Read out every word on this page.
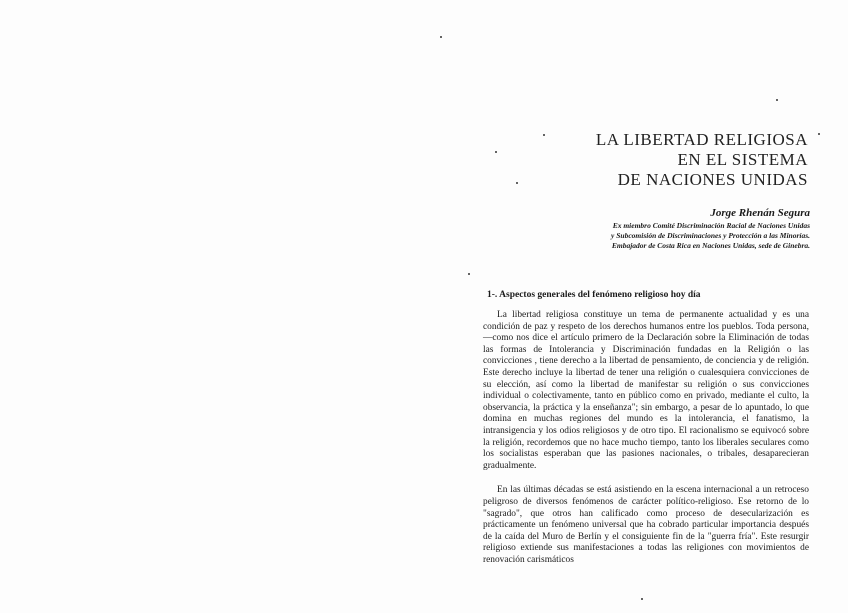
LA LIBERTAD RELIGIOSA
EN EL SISTEMA
DE NACIONES UNIDAS
Jorge Rhenán Segura
Ex miembro Comité Discriminación Racial de Naciones Unidas
y Subcomisión de Discriminaciones y Protección a las Minorías.
Embajador de Costa Rica en Naciones Unidas, sede de Ginebra.
1-. Aspectos generales del fenómeno religioso hoy día

La libertad religiosa constituye un tema de permanente actualidad y es una condición de paz y respeto de los derechos humanos entre los pueblos. Toda persona, —como nos dice el artículo primero de la Declaración sobre la Eliminación de todas las formas de Intolerancia y Discriminación fundadas en la Religión o las convicciones , tiene derecho a la libertad de pensamiento, de conciencia y de religión. Este derecho incluye la libertad de tener una religión o cualesquiera convicciones de su elección, así como la libertad de manifestar su religión o sus convicciones individual o colectivamente, tanto en público como en privado, mediante el culto, la observancia, la práctica y la enseñanza"; sin embargo, a pesar de lo apuntado, lo que domina en muchas regiones del mundo es la intolerancia, el fanatismo, la intransigencia y los odios religiosos y de otro tipo. El racionalismo se equivocó sobre la religión, recordemos que no hace mucho tiempo, tanto los liberales seculares como los socialistas esperaban que las pasiones nacionales, o tribales, desaparecieran gradualmente.

En las últimas décadas se está asistiendo en la escena internacional a un retroceso peligroso de diversos fenómenos de carácter político-religioso. Ese retorno de lo "sagrado", que otros han calificado como proceso de desecularización es prácticamente un fenómeno universal que ha cobrado particular importancia después de la caída del Muro de Berlín y el consiguiente fin de la "guerra fría". Este resurgir religioso extiende sus manifestaciones a todas las religiones con movimientos de renovación carismáticos
